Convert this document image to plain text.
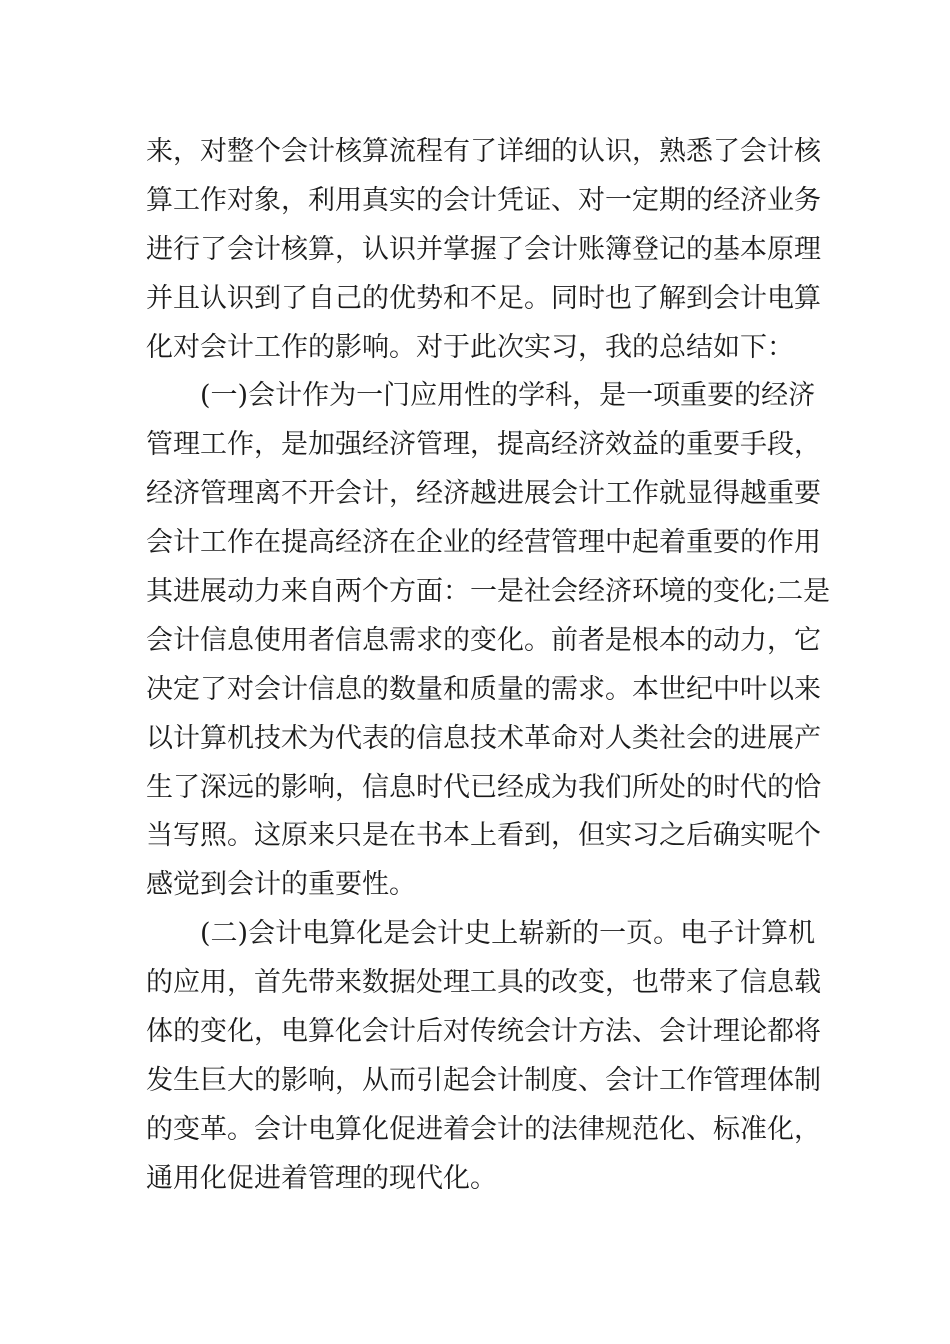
来，对整个会计核算流程有了详细的认识，熟悉了会计核
算工作对象，利用真实的会计凭证、对一定期的经济业务
进行了会计核算，认识并掌握了会计账簿登记的基本原理
并且认识到了自己的优势和不足。同时也了解到会计电算
化对会计工作的影响。对于此次实习，我的总结如下：
(一)会计作为一门应用性的学科，是一项重要的经济
管理工作，是加强经济管理，提高经济效益的重要手段，
经济管理离不开会计，经济越进展会计工作就显得越重要
会计工作在提高经济在企业的经营管理中起着重要的作用
其进展动力来自两个方面：一是社会经济环境的变化;二是
会计信息使用者信息需求的变化。前者是根本的动力，它
决定了对会计信息的数量和质量的需求。本世纪中叶以来
以计算机技术为代表的信息技术革命对人类社会的进展产
生了深远的影响，信息时代已经成为我们所处的时代的恰
当写照。这原来只是在书本上看到，但实习之后确实呢个
感觉到会计的重要性。
(二)会计电算化是会计史上崭新的一页。电子计算机
的应用，首先带来数据处理工具的改变，也带来了信息载
体的变化，电算化会计后对传统会计方法、会计理论都将
发生巨大的影响，从而引起会计制度、会计工作管理体制
的变革。会计电算化促进着会计的法律规范化、标准化，
通用化促进着管理的现代化。
